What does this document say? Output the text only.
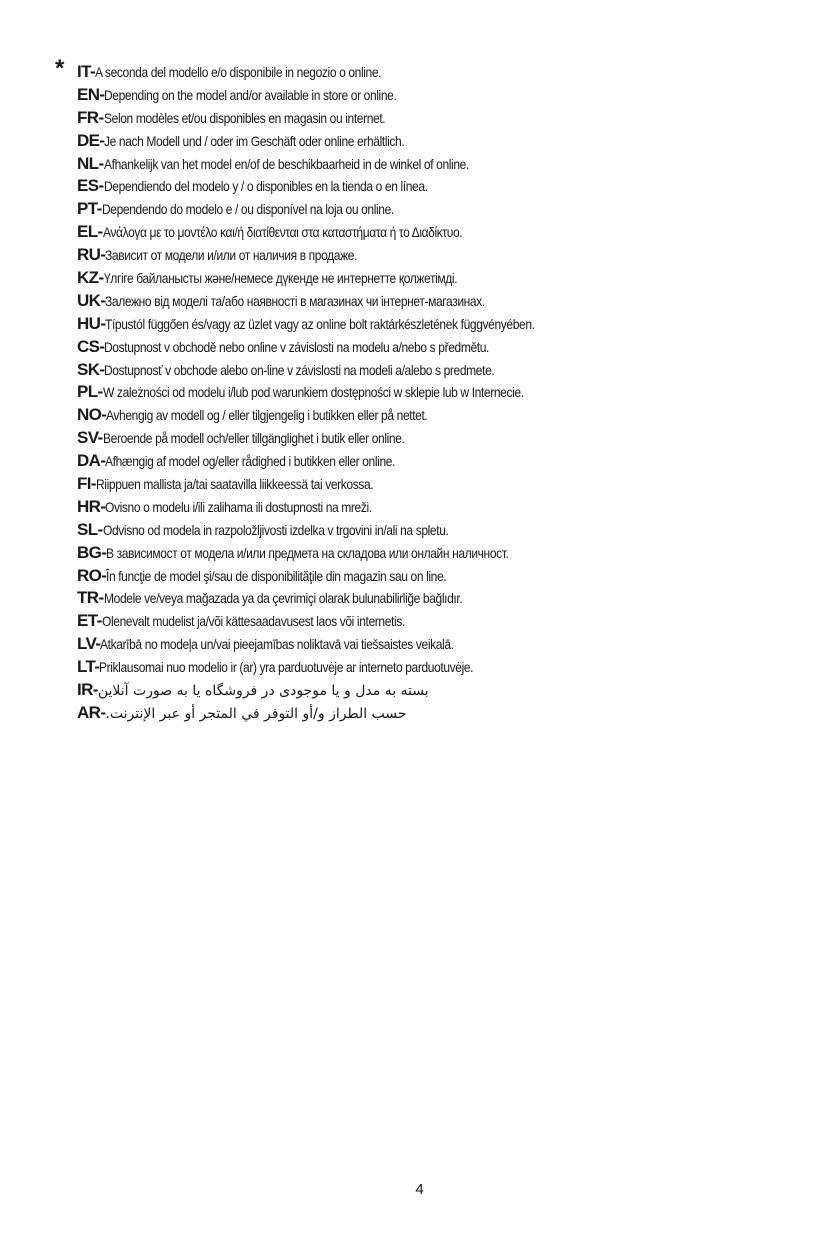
* IT-A seconda del modello e/o disponibile in negozio o online.
EN-Depending on the model and/or available in store or online.
FR-Selon modèles et/ou disponibles en magasin ou internet.
DE-Je nach Modell und / oder im Geschäft oder online erhältlich.
NL-Afhankelijk van het model en/of de beschikbaarheid in de winkel of online.
ES-Dependiendo del modelo y / o disponibles en la tienda o en línea.
PT-Dependendo do modelo e / ou disponível na loja ou online.
EL-Ανάλογα με το μοντέλο και/ή διατίθενται στα καταστήματα ή το Διαδίκτυο.
RU-Зависит от модели и/или от наличия в продаже.
KZ-Үлгіге байланысты және/немесе дүкенде не интернетте қолжетімді.
UK-Залежно від моделі та/або наявності в магазинах чи інтернет-магазинах.
HU-Típustól függően és/vagy az üzlet vagy az online bolt raktárkészletének függvényében.
CS-Dostupnost v obchodě nebo online v závislosti na modelu a/nebo s předmětu.
SK-Dostupnosť v obchode alebo on-line v závislosti na modeli a/alebo s predmete.
PL-W zależności od modelu i/lub pod warunkiem dostępności w sklepie lub w Internecie.
NO-Avhengig av modell og / eller tilgjengelig i butikken eller på nettet.
SV-Beroende på modell och/eller tillgänglighet i butik eller online.
DA-Afhængig af model og/eller rådighed i butikken eller online.
FI-Riippuen mallista ja/tai saatavilla liikkeessä tai verkossa.
HR-Ovisno o modelu i/ili zalihama ili dostupnosti na mreži.
SL-Odvisno od modela in razpoložljivosti izdelka v trgovini in/ali na spletu.
BG-В зависимост от модела и/или предмета на складова или онлайн наличност.
RO-În funcţie de model şi/sau de disponibilităţile din magazin sau on line.
TR-Modele ve/veya mağazada ya da çevrimiçi olarak bulunabilirliğe bağlıdır.
ET-Olenevalt mudelist ja/või kättesaadavusest laos või internetis.
LV-Atkarībā no modeļa un/vai pieejamības noliktavā vai tiešsaistes veikalā.
LT-Priklausomai nuo modelio ir (ar) yra parduotuvėje ar interneto parduotuvėje.
IR-بسته به مدل و یا موجودی در فروشگاه یا به صورت آنلاین
AR-حسب الطراز و/أو التوفر في المتجر أو عبر الإنترنت.
4
